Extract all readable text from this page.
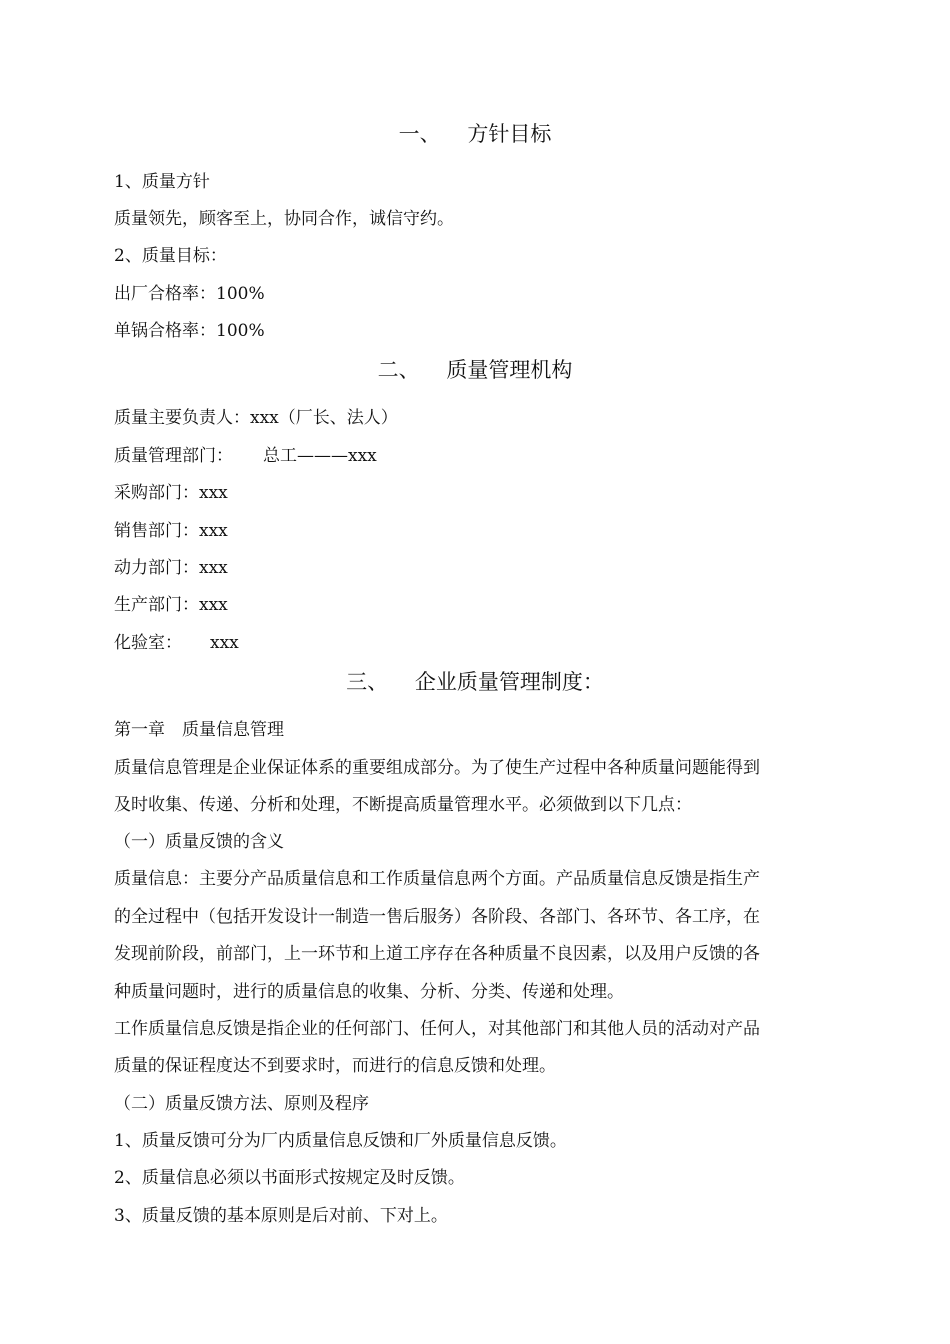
一、    方针目标
1、质量方针
质量领先，顾客至上，协同合作，诚信守约。
2、质量目标：
出厂合格率：100%
单锅合格率：100%
二、    质量管理机构
质量主要负责人：xxx（厂长、法人）
质量管理部门： 总工———xxx
采购部门：xxx
销售部门：xxx
动力部门：xxx
生产部门：xxx
化验室： xxx
三、    企业质量管理制度：
第一章　质量信息管理
质量信息管理是企业保证体系的重要组成部分。为了使生产过程中各种质量问题能得到
及时收集、传递、分析和处理，不断提高质量管理水平。必须做到以下几点：
（一）质量反馈的含义
质量信息：主要分产品质量信息和工作质量信息两个方面。产品质量信息反馈是指生产
的全过程中（包括开发设计一制造一售后服务）各阶段、各部门、各环节、各工序，在
发现前阶段，前部门，上一环节和上道工序存在各种质量不良因素，以及用户反馈的各
种质量问题时，进行的质量信息的收集、分析、分类、传递和处理。
工作质量信息反馈是指企业的任何部门、任何人，对其他部门和其他人员的活动对产品
质量的保证程度达不到要求时，而进行的信息反馈和处理。
（二）质量反馈方法、原则及程序
1、质量反馈可分为厂内质量信息反馈和厂外质量信息反馈。
2、质量信息必须以书面形式按规定及时反馈。
3、质量反馈的基本原则是后对前、下对上。
